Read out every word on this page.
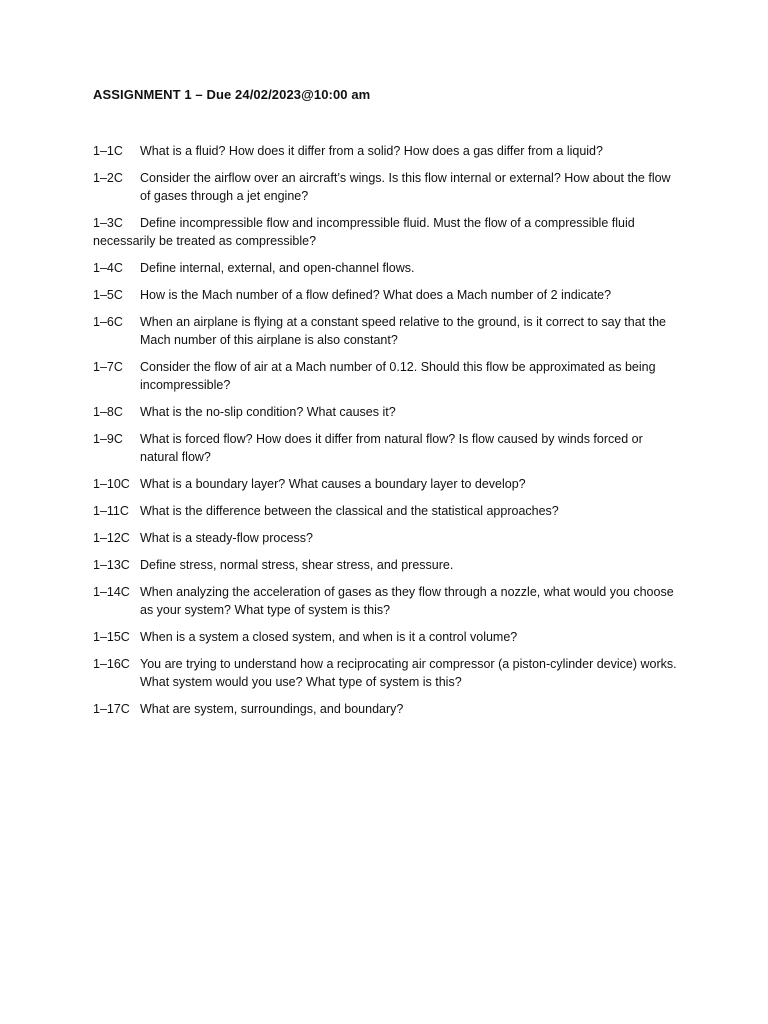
ASSIGNMENT 1 – Due 24/02/2023@10:00 am
1–1C	What is a fluid? How does it differ from a solid? How does a gas differ from a liquid?
1–2C	Consider the airflow over an aircraft’s wings. Is this flow internal or external? How about the flow of gases through a jet engine?
1–3C Define incompressible flow and incompressible fluid. Must the flow of a compressible fluid necessarily be treated as compressible?
1–4C	Define internal, external, and open-channel flows.
1–5C	How is the Mach number of a flow defined? What does a Mach number of 2 indicate?
1–6C	When an airplane is flying at a constant speed relative to the ground, is it correct to say that the Mach number of this airplane is also constant?
1–7C	Consider the flow of air at a Mach number of 0.12. Should this flow be approximated as being incompressible?
1–8C	What is the no-slip condition? What causes it?
1–9C	What is forced flow? How does it differ from natural flow? Is flow caused by winds forced or natural flow?
1–10C What is a boundary layer? What causes a boundary layer to develop?
1–11C What is the difference between the classical and the statistical approaches?
1–12C What is a steady-flow process?
1–13C Define stress, normal stress, shear stress, and pressure.
1–14C When analyzing the acceleration of gases as they flow through a nozzle, what would you choose as your system? What type of system is this?
1–15C When is a system a closed system, and when is it a control volume?
1–16C You are trying to understand how a reciprocating air compressor (a piston-cylinder device) works. What system would you use? What type of system is this?
1–17C What are system, surroundings, and boundary?
